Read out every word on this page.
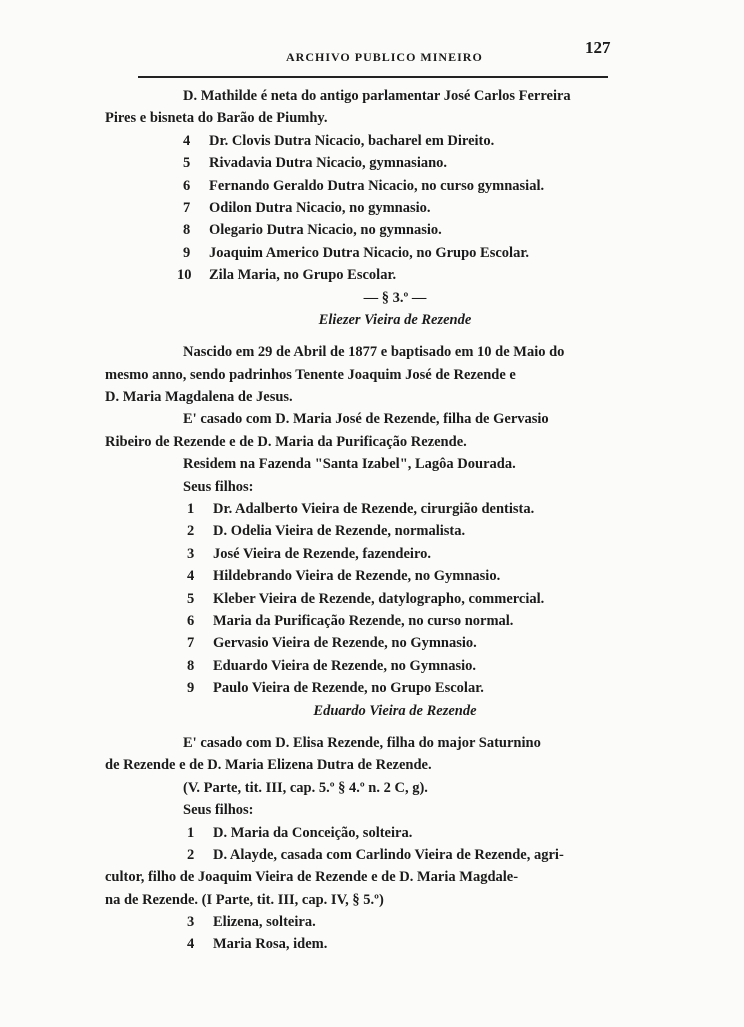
ARCHIVO PUBLICO MINEIRO	127
D. Mathilde é neta do antigo parlamentar José Carlos Ferreira
Pires e bisneta do Barão de Piumhy.
4 Dr. Clovis Dutra Nicacio, bacharel em Direito.
5 Rivadavia Dutra Nicacio, gymnasiano.
6 Fernando Geraldo Dutra Nicacio, no curso gymnasial.
7 Odilon Dutra Nicacio, no gymnasio.
8 Olegario Dutra Nicacio, no gymnasio.
9 Joaquim Americo Dutra Nicacio, no Grupo Escolar.
10 Zila Maria, no Grupo Escolar.
— § 3.º —
Eliezer Vieira de Rezende
Nascido em 29 de Abril de 1877 e baptisado em 10 de Maio do
mesmo anno, sendo padrinhos Tenente Joaquim José de Rezende e
D. Maria Magdalena de Jesus.
E' casado com D. Maria José de Rezende, filha de Gervasio
Ribeiro de Rezende e de D. Maria da Purificação Rezende.
Residem na Fazenda "Santa Izabel", Lagôa Dourada.
Seus filhos:
1 Dr. Adalberto Vieira de Rezende, cirurgião dentista.
2 D. Odelia Vieira de Rezende, normalista.
3 José Vieira de Rezende, fazendeiro.
4 Hildebrando Vieira de Rezende, no Gymnasio.
5 Kleber Vieira de Rezende, datylographo, commercial.
6 Maria da Purificação Rezende, no curso normal.
7 Gervasio Vieira de Rezende, no Gymnasio.
8 Eduardo Vieira de Rezende, no Gymnasio.
9 Paulo Vieira de Rezende, no Grupo Escolar.
Eduardo Vieira de Rezende
E' casado com D. Elisa Rezende, filha do major Saturnino
de Rezende e de D. Maria Elizena Dutra de Rezende.
(V. Parte, tit. III, cap. 5.º § 4.º n. 2 C, g).
Seus filhos:
1 D. Maria da Conceição, solteira.
2 D. Alayde, casada com Carlindo Vieira de Rezende, agri-
cultor, filho de Joaquim Vieira de Rezende e de D. Maria Magdale-
na de Rezende. (I Parte, tit. III, cap. IV, § 5.º)
3 Elizena, solteira.
4 Maria Rosa, idem.
